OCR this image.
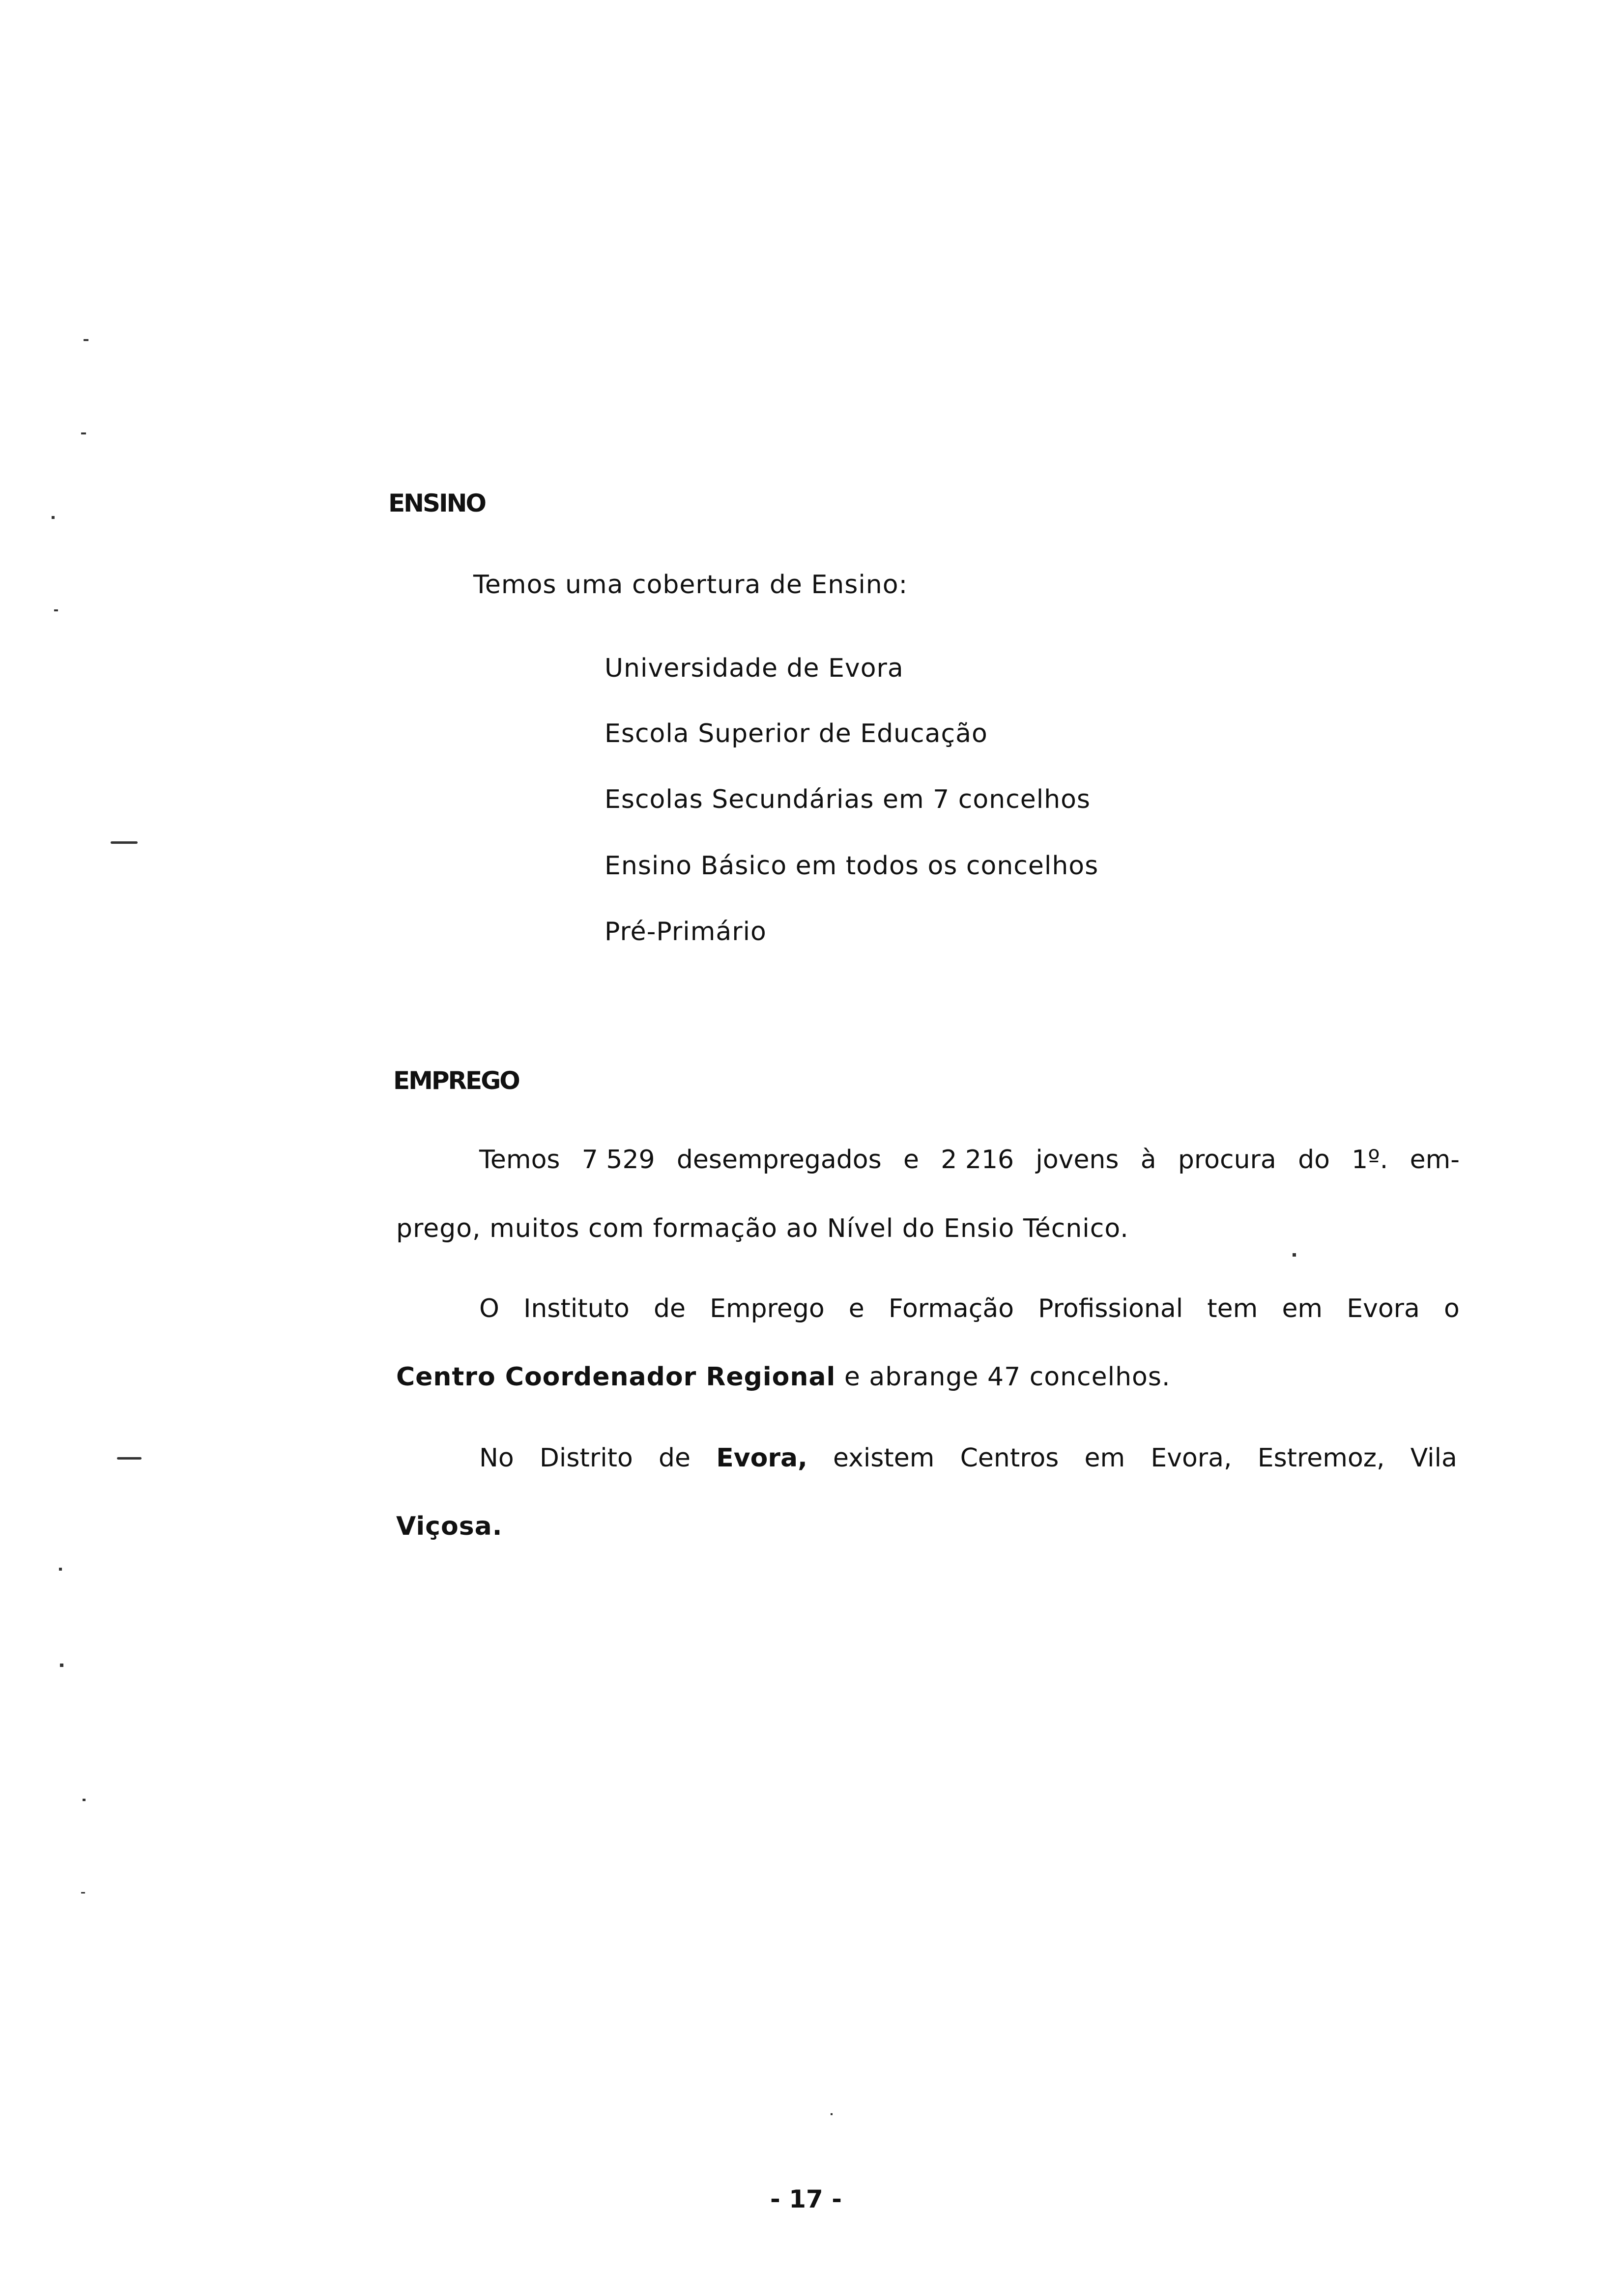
ENSINO
Temos uma cobertura de Ensino:
Universidade de Evora
Escola Superior de Educação
Escolas Secundárias em 7 concelhos
Ensino Básico em todos os concelhos
Pré-Primário
EMPREGO
Temos 7 529 desempregados e 2 216 jovens à procura do 1º. em-
prego, muitos com formação ao Nível do Ensio Técnico.
O Instituto de Emprego e Formação Profissional tem em Evora o
Centro Coordenador Regional e abrange 47 concelhos.
No Distrito de Evora, existem Centros em Evora, Estremoz, Vila
Viçosa.
- 17 -
